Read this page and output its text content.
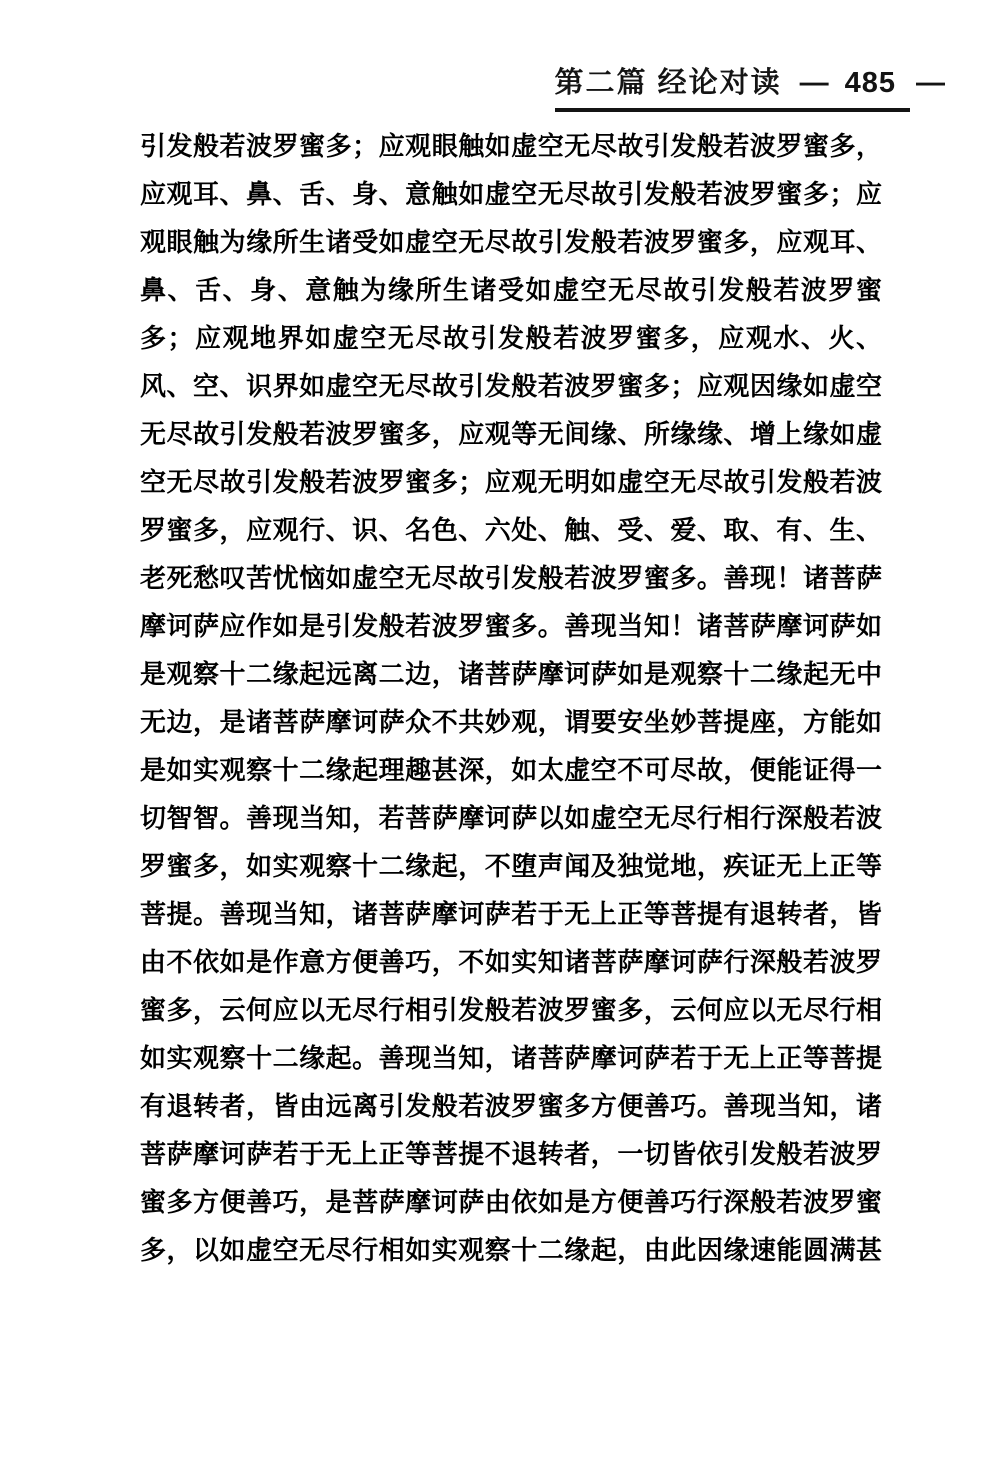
第二篇 经论对读 — 485 —
引发般若波罗蜜多；应观眼触如虚空无尽故引发般若波罗蜜多，
应观耳、鼻、舌、身、意触如虚空无尽故引发般若波罗蜜多；应
观眼触为缘所生诸受如虚空无尽故引发般若波罗蜜多，应观耳、
鼻、舌、身、意触为缘所生诸受如虚空无尽故引发般若波罗蜜
多；应观地界如虚空无尽故引发般若波罗蜜多，应观水、火、
风、空、识界如虚空无尽故引发般若波罗蜜多；应观因缘如虚空
无尽故引发般若波罗蜜多，应观等无间缘、所缘缘、增上缘如虚
空无尽故引发般若波罗蜜多；应观无明如虚空无尽故引发般若波
罗蜜多，应观行、识、名色、六处、触、受、爱、取、有、生、
老死愁叹苦忧恼如虚空无尽故引发般若波罗蜜多。善现！诸菩萨
摩诃萨应作如是引发般若波罗蜜多。善现当知！诸菩萨摩诃萨如
是观察十二缘起远离二边，诸菩萨摩诃萨如是观察十二缘起无中
无边，是诸菩萨摩诃萨众不共妙观，谓要安坐妙菩提座，方能如
是如实观察十二缘起理趣甚深，如太虚空不可尽故，便能证得一
切智智。善现当知，若菩萨摩诃萨以如虚空无尽行相行深般若波
罗蜜多，如实观察十二缘起，不堕声闻及独觉地，疾证无上正等
菩提。善现当知，诸菩萨摩诃萨若于无上正等菩提有退转者，皆
由不依如是作意方便善巧，不如实知诸菩萨摩诃萨行深般若波罗
蜜多，云何应以无尽行相引发般若波罗蜜多，云何应以无尽行相
如实观察十二缘起。善现当知，诸菩萨摩诃萨若于无上正等菩提
有退转者，皆由远离引发般若波罗蜜多方便善巧。善现当知，诸
菩萨摩诃萨若于无上正等菩提不退转者，一切皆依引发般若波罗
蜜多方便善巧，是菩萨摩诃萨由依如是方便善巧行深般若波罗蜜
多，以如虚空无尽行相如实观察十二缘起，由此因缘速能圆满甚
